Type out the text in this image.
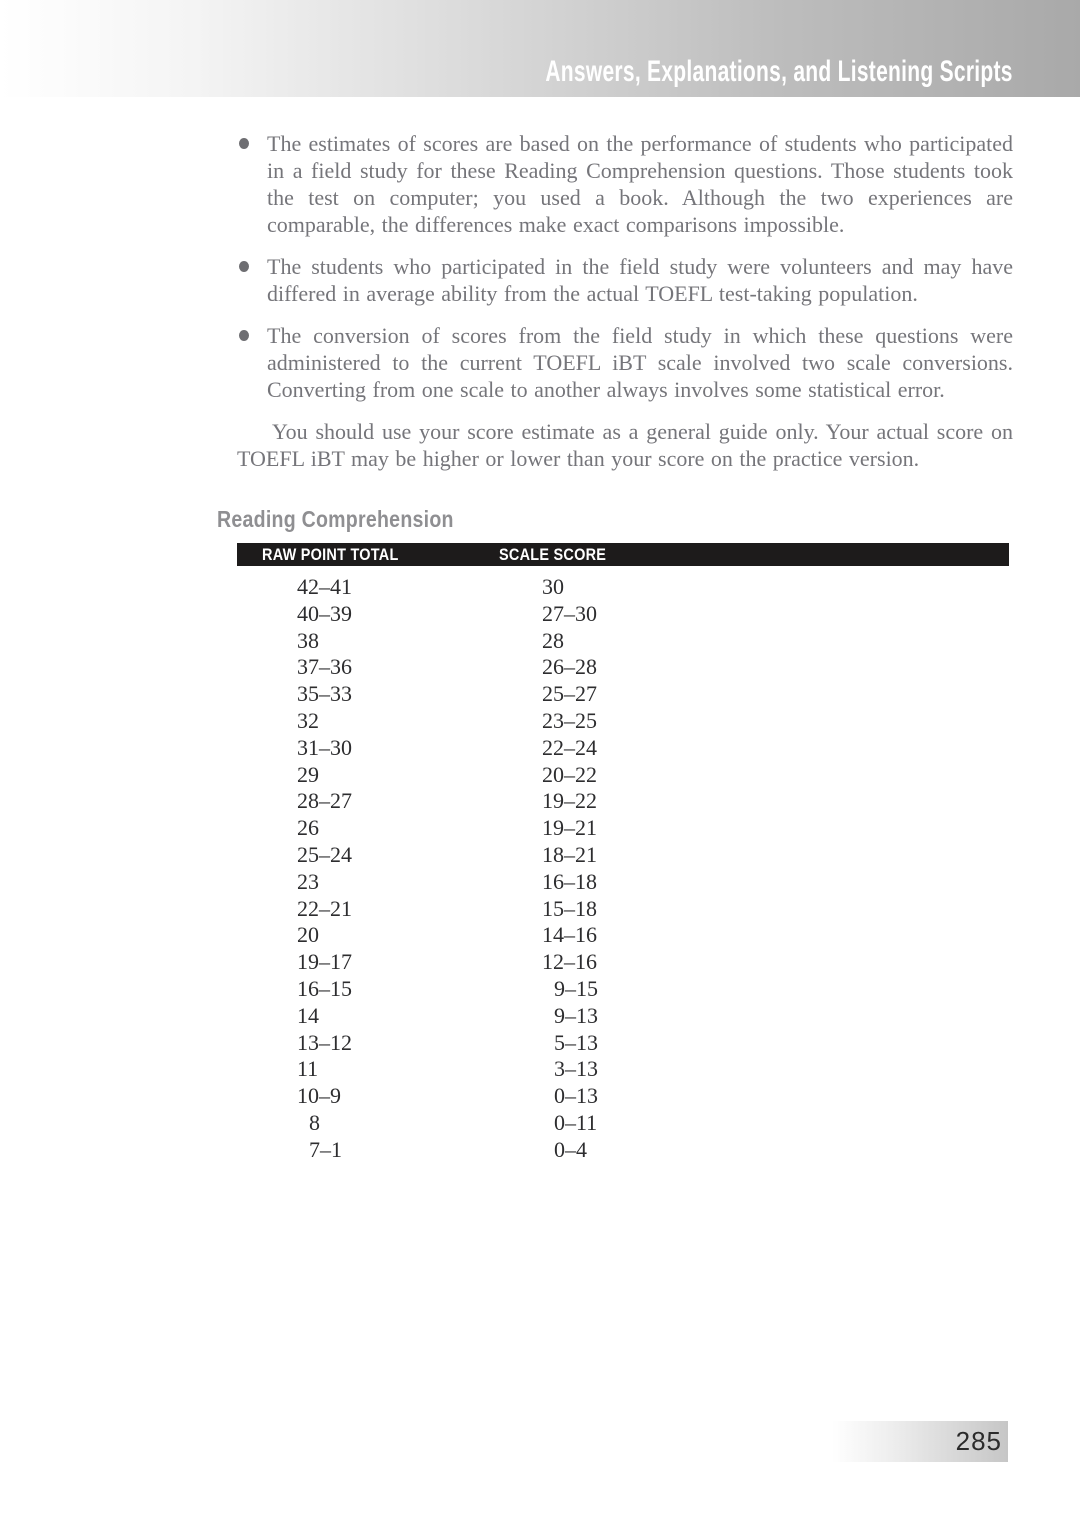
Answers, Explanations, and Listening Scripts
The estimates of scores are based on the performance of students who participated in a field study for these Reading Comprehension questions. Those students took the test on computer; you used a book. Although the two experiences are comparable, the differences make exact comparisons impossible.
The students who participated in the field study were volunteers and may have differed in average ability from the actual TOEFL test-taking population.
The conversion of scores from the field study in which these questions were administered to the current TOEFL iBT scale involved two scale conversions. Converting from one scale to another always involves some statistical error.

You should use your score estimate as a general guide only. Your actual score on TOEFL iBT may be higher or lower than your score on the practice version.

Reading Comprehension
RAW POINT TOTAL	SCALE SCORE
42–41	30
40–39	27–30
38	28
37–36	26–28
35–33	25–27
32	23–25
31–30	22–24
29	20–22
28–27	19–22
26	19–21
25–24	18–21
23	16–18
22–21	15–18
20	14–16
19–17	12–16
16–15	9–15
14	9–13
13–12	5–13
11	3–13
10–9	0–13
8	0–11
7–1	0–4
285
